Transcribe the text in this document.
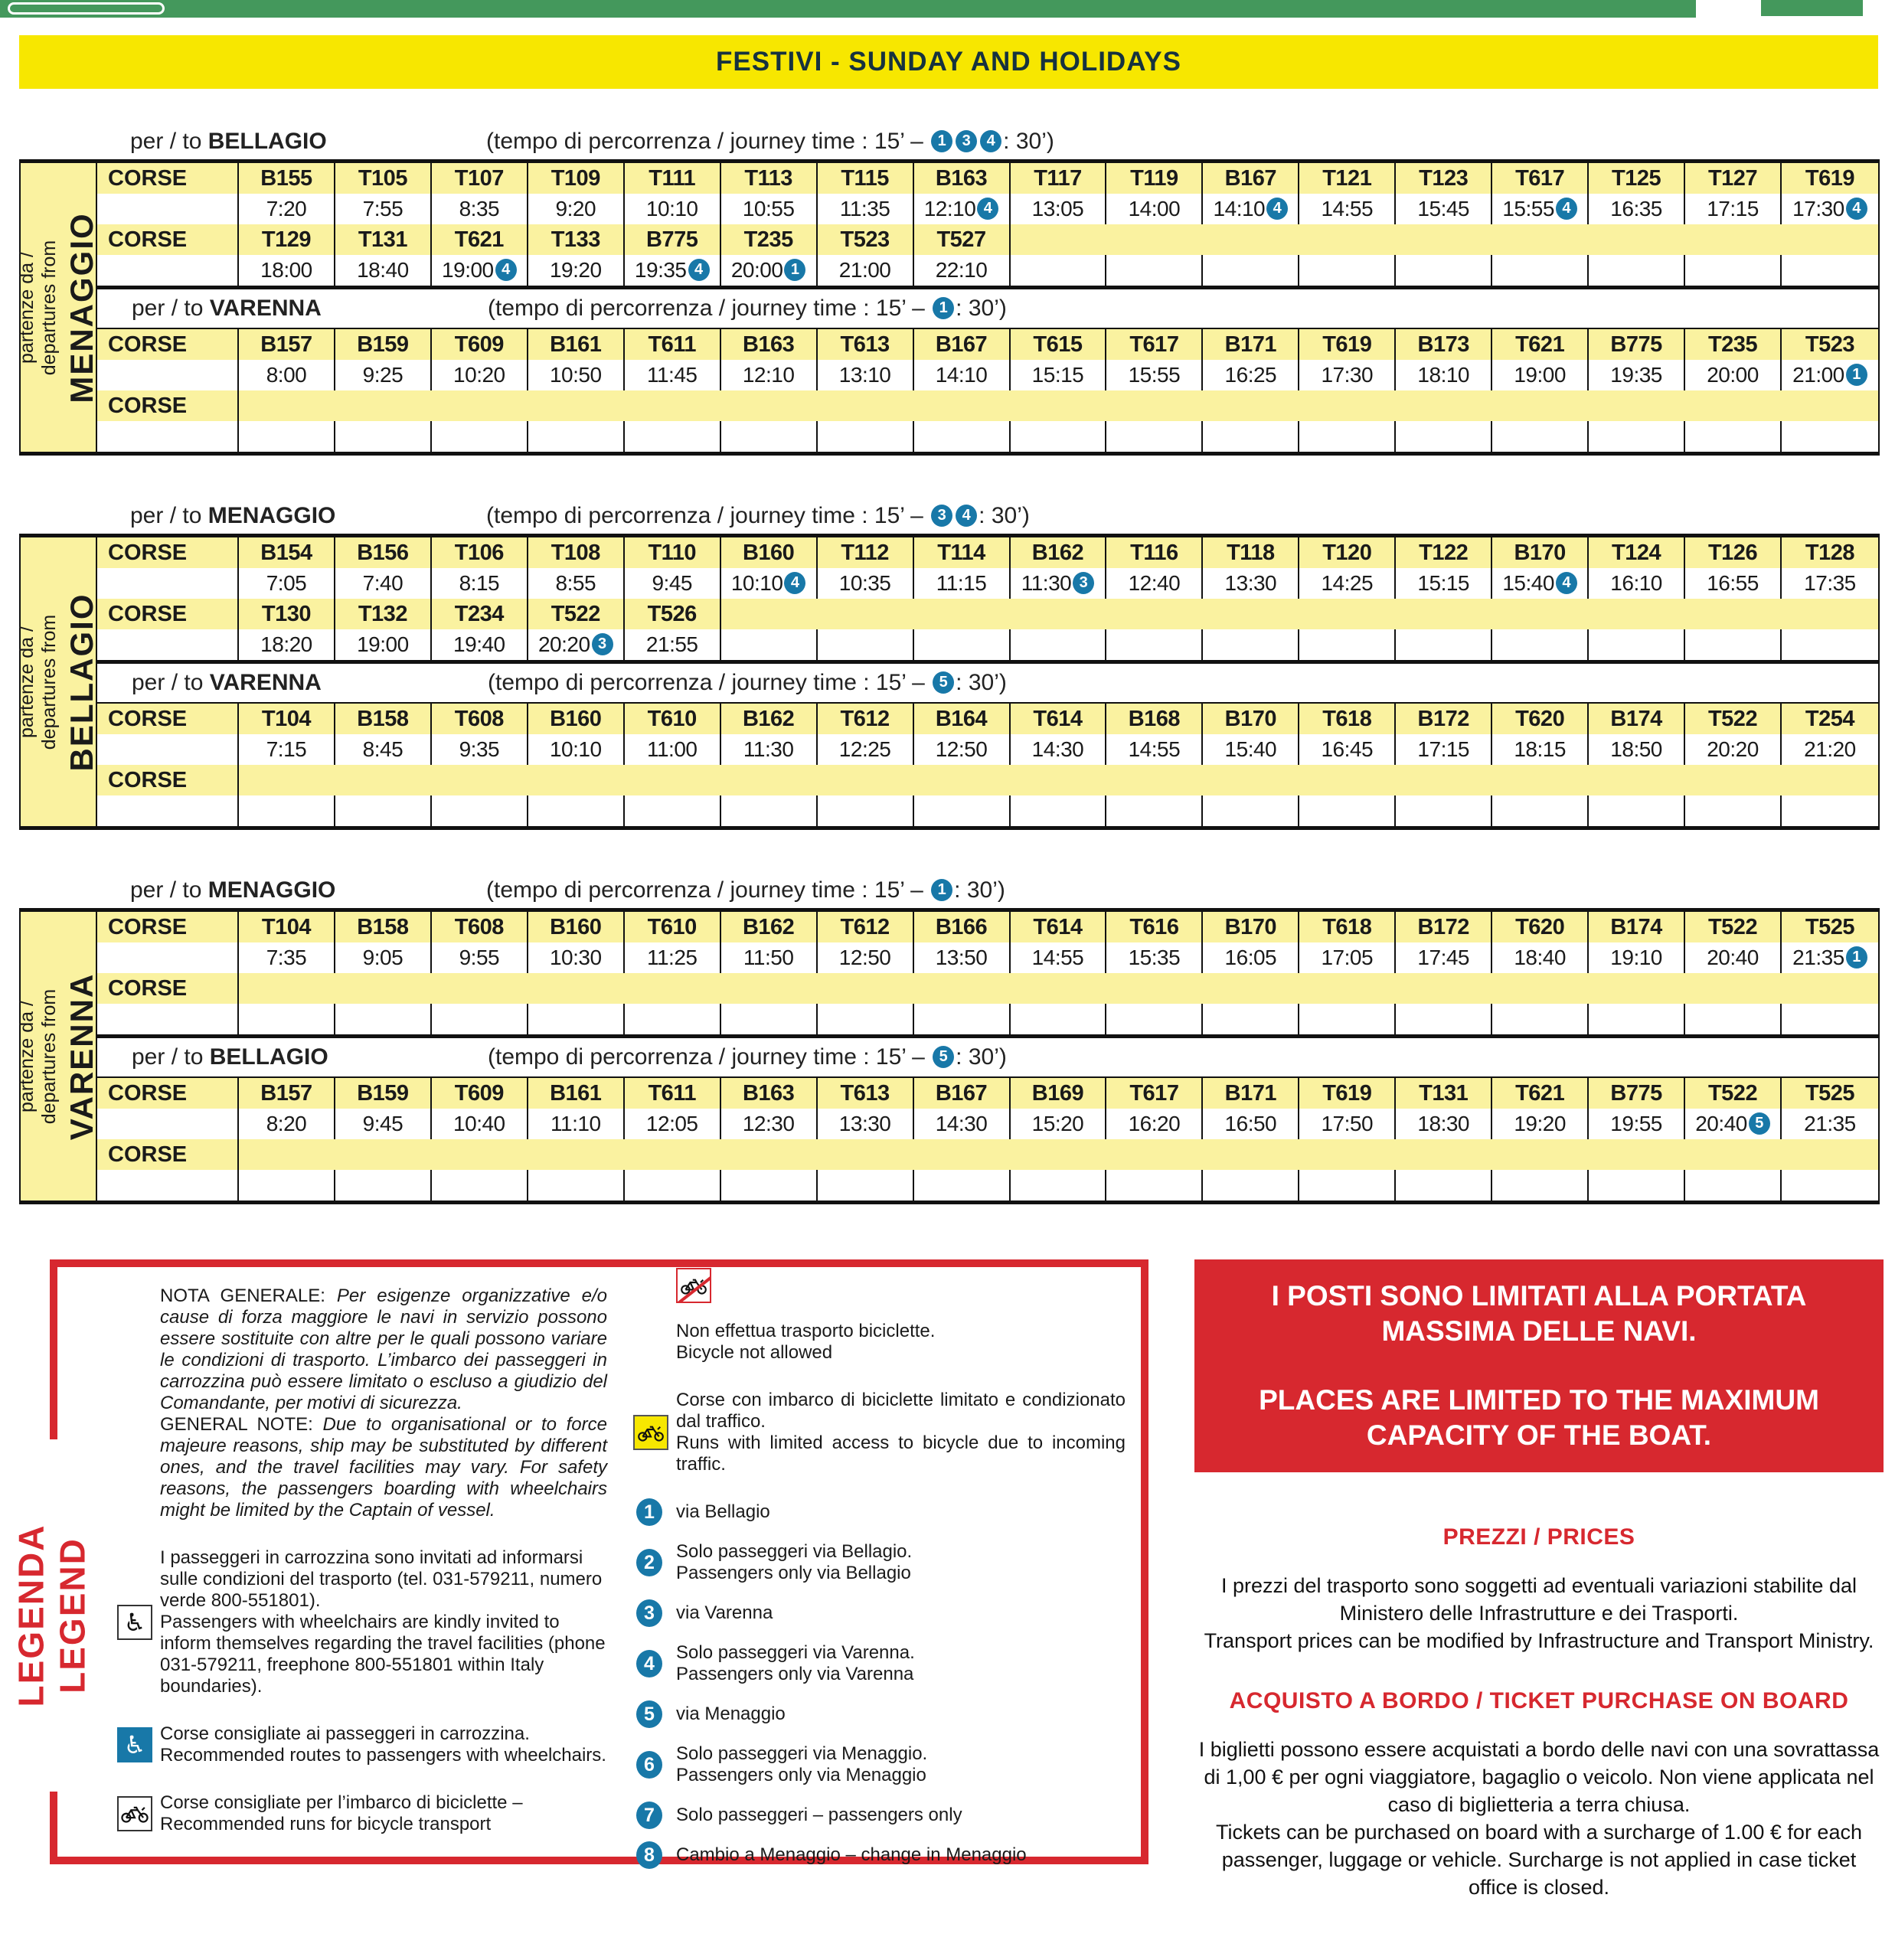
FESTIVI - SUNDAY AND HOLIDAYS
per / to BELLAGIO	(tempo di percorrenza / journey time : 15’ – 1 3 4 : 30’)
partenze da /
departures from MENAGGIO
CORSE	B155	T105	T107	T109	T111	T113	T115	B163	T117	T119	B167	T121	T123	T617	T125	T127	T619
7:20	7:55	8:35	9:20	10:10	10:55	11:35	12:10 4	13:05	14:00	14:10 4	14:55	15:45	15:55 4	16:35	17:15	17:30 4
CORSE	T129	T131	T621	T133	B775	T235	T523	T527
18:00	18:40	19:00 4	19:20	19:35 4	20:00 1	21:00	22:10
per / to VARENNA	(tempo di percorrenza / journey time : 15’ – 1 : 30’)
CORSE	B157	B159	T609	B161	T611	B163	T613	B167	T615	T617	B171	T619	B173	T621	B775	T235	T523
8:00	9:25	10:20	10:50	11:45	12:10	13:10	14:10	15:15	15:55	16:25	17:30	18:10	19:00	19:35	20:00	21:00 1
CORSE
per / to MENAGGIO	(tempo di percorrenza / journey time : 15’ – 3 4 : 30’)
partenze da /
departures from BELLAGIO
CORSE	B154	B156	T106	T108	T110	B160	T112	T114	B162	T116	T118	T120	T122	B170	T124	T126	T128
7:05	7:40	8:15	8:55	9:45	10:10 4	10:35	11:15	11:30 3	12:40	13:30	14:25	15:15	15:40 4	16:10	16:55	17:35
CORSE	T130	T132	T234	T522	T526
18:20	19:00	19:40	20:20 3	21:55
per / to VARENNA	(tempo di percorrenza / journey time : 15’ – 5 : 30’)
CORSE	T104	B158	T608	B160	T610	B162	T612	B164	T614	B168	B170	T618	B172	T620	B174	T522	T254
7:15	8:45	9:35	10:10	11:00	11:30	12:25	12:50	14:30	14:55	15:40	16:45	17:15	18:15	18:50	20:20	21:20
CORSE
per / to MENAGGIO	(tempo di percorrenza / journey time : 15’ – 1 : 30’)
partenze da /
departures from VARENNA
CORSE	T104	B158	T608	B160	T610	B162	T612	B166	T614	T616	B170	T618	B172	T620	B174	T522	T525
7:35	9:05	9:55	10:30	11:25	11:50	12:50	13:50	14:55	15:35	16:05	17:05	17:45	18:40	19:10	20:40	21:35 1
CORSE
per / to BELLAGIO	(tempo di percorrenza / journey time : 15’ – 5 : 30’)
CORSE	B157	B159	T609	B161	T611	B163	T613	B167	B169	T617	B171	T619	T131	T621	B775	T522	T525
8:20	9:45	10:40	11:10	12:05	12:30	13:30	14:30	15:20	16:20	16:50	17:50	18:30	19:20	19:55	20:40 5	21:35
CORSE
NOTA GENERALE: Per esigenze organizzative e/o cause di forza maggiore le navi in servizio possono essere sostituite con altre per le quali possono variare le condizioni di trasporto. L’imbarco dei passeggeri in carrozzina può essere limitato o escluso a giudizio del Comandante, per motivi di sicurezza.
GENERAL NOTE: Due to organisational or to force majeure reasons, ship may be substituted by different ones, and the travel facilities may vary. For safety reasons, the passengers boarding with wheelchairs might be limited by the Captain of vessel.
♿
I passeggeri in carrozzina sono invitati ad informarsi sulle condizioni del trasporto (tel. 031-579211, numero verde 800-551801).
Passengers with wheelchairs are kindly invited to inform themselves regarding the travel facilities (phone 031-579211, freephone 800-551801 within Italy boundaries).
♿ Corse consigliate ai passeggeri in carrozzina.
Recommended routes to passengers with wheelchairs.
Corse consigliate per l’imbarco di biciclette – Recommended runs for bicycle transport
Non effettua trasporto biciclette.
Bicycle not allowed
Corse con imbarco di biciclette limitato e condizionato dal traffico.
Runs with limited access to bicycle due to incoming traffic.
1	via Bellagio
2
Solo passeggeri via Bellagio.
Passengers only via Bellagio
3	via Varenna
4
Solo passeggeri via Varenna.
Passengers only via Varenna
5	via Menaggio
6
Solo passeggeri via Menaggio.
Passengers only via Menaggio
7	Solo passeggeri – passengers only
8	Cambio a Menaggio – change in Menaggio
LEGENDA
LEGEND
I POSTI SONO LIMITATI ALLA PORTATA MASSIMA DELLE NAVI.
PLACES ARE LIMITED TO THE MAXIMUM CAPACITY OF THE BOAT.
PREZZI / PRICES
I prezzi del trasporto sono soggetti ad eventuali variazioni stabilite dal Ministero delle Infrastrutture e dei Trasporti.
Transport prices can be modified by Infrastructure and Transport Ministry.
ACQUISTO A BORDO / TICKET PURCHASE ON BOARD
I biglietti possono essere acquistati a bordo delle navi con una sovrattassa di 1,00 € per ogni viaggiatore, bagaglio o veicolo. Non viene applicata nel caso di biglietteria a terra chiusa.
Tickets can be purchased on board with a surcharge of 1.00 € for each passenger, luggage or vehicle. Surcharge is not applied in case ticket office is closed.
